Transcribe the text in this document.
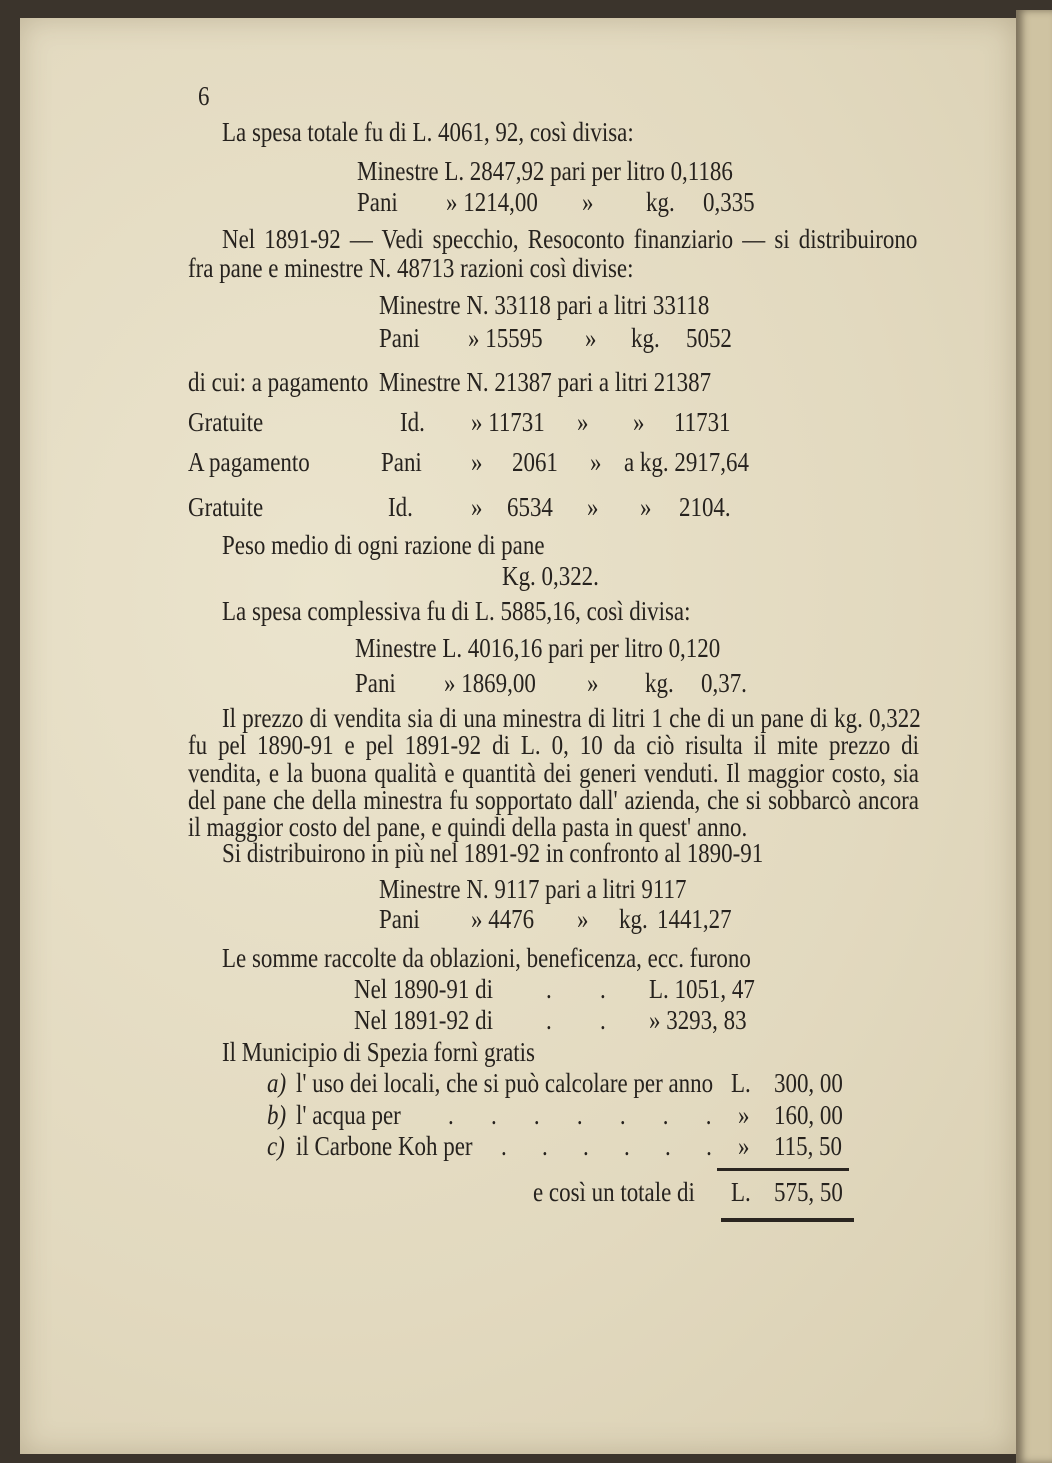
6
La spesa totale fu di L. 4061, 92, così divisa:
Minestre L. 2847,92 pari per litro 0,1186
Pani » 1214,00 » kg. 0,335
Nel 1891-92 — Vedi specchio, Resoconto finanziario — si distribuirono
fra pane e minestre N. 48713 razioni così divise:
Minestre N. 33118 pari a litri 33118
Pani » 15595 » kg. 5052
di cui: a pagamento Minestre N. 21387 pari a litri 21387
Gratuite	Id. » 11731 » » 11731
A pagamento	Pani » 2061 » a kg. 2917,64
Gratuite	Id. » 6534 » » 2104.
Peso medio di ogni razione di pane
Kg. 0,322.
La spesa complessiva fu di L. 5885,16, così divisa:
Minestre L. 4016,16 pari per litro 0,120
Pani » 1869,00 » kg. 0,37.
Il prezzo di vendita sia di una minestra di litri 1 che di un pane di kg. 0,322
fu pel 1890-91 e pel 1891-92 di L. 0, 10 da ciò risulta il mite prezzo di
vendita, e la buona qualità e quantità dei generi venduti. Il maggior costo, sia
del pane che della minestra fu sopportato dall' azienda, che si sobbarcò ancora
il maggior costo del pane, e quindi della pasta in quest' anno.
Si distribuirono in più nel 1891-92 in confronto al 1890-91
Minestre N. 9117 pari a litri 9117
Pani » 4476 » kg. 1441,27
Le somme raccolte da oblazioni, beneficenza, ecc. furono
Nel 1890-91 di . . L. 1051, 47
Nel 1891-92 di . . » 3293, 83
Il Municipio di Spezia fornì gratis
a) l' uso dei locali, che si può calcolare per anno L. 300, 00
b) l' acqua per . . . . . . . » 160, 00
c) il Carbone Koh per . . . . . . » 115, 50
e così un totale di L. 575, 50
